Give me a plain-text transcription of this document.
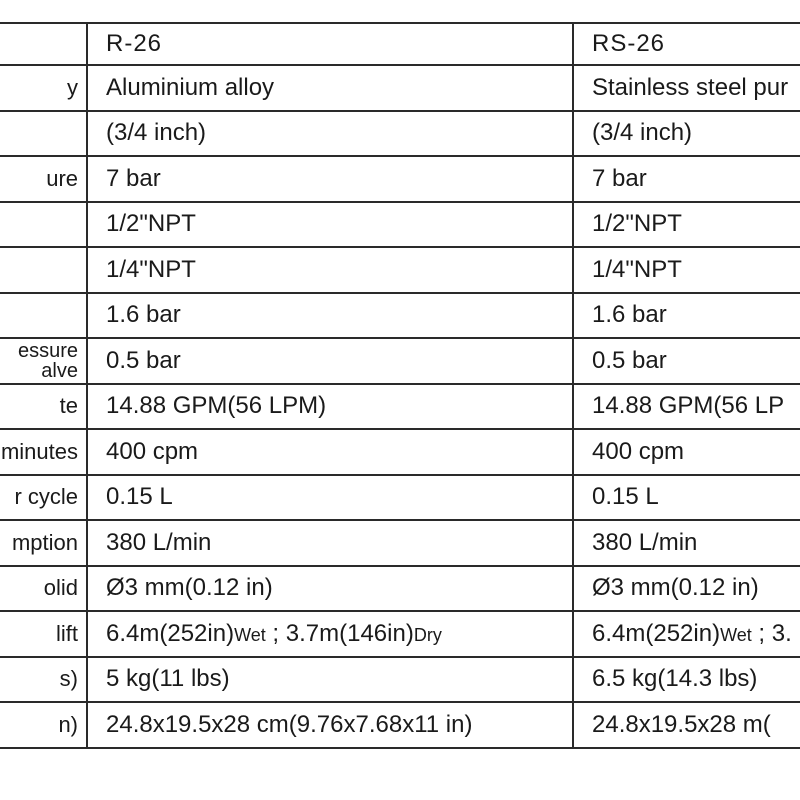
	R-26	RS-26
y	Aluminium alloy	Stainless steel pur
	(3/4 inch)	(3/4 inch)
ure	7 bar	7 bar
	1/2"NPT	1/2"NPT
	1/4"NPT	1/4"NPT
	1.6 bar	1.6 bar
essure
alve	0.5 bar	0.5 bar
te	14.88 GPM(56 LPM)	14.88 GPM(56 LP
minutes	400 cpm	400 cpm
r cycle	0.15 L	0.15 L
mption	380 L/min	380 L/min
olid	Ø3 mm(0.12 in)	Ø3 mm(0.12 in)
lift	6.4m(252in)Wet ; 3.7m(146in)Dry	6.4m(252in)Wet ; 3.
s)	5 kg(11 lbs)	6.5 kg(14.3 lbs)
n)	24.8x19.5x28 cm(9.76x7.68x11 in)	24.8x19.5x28 m(
